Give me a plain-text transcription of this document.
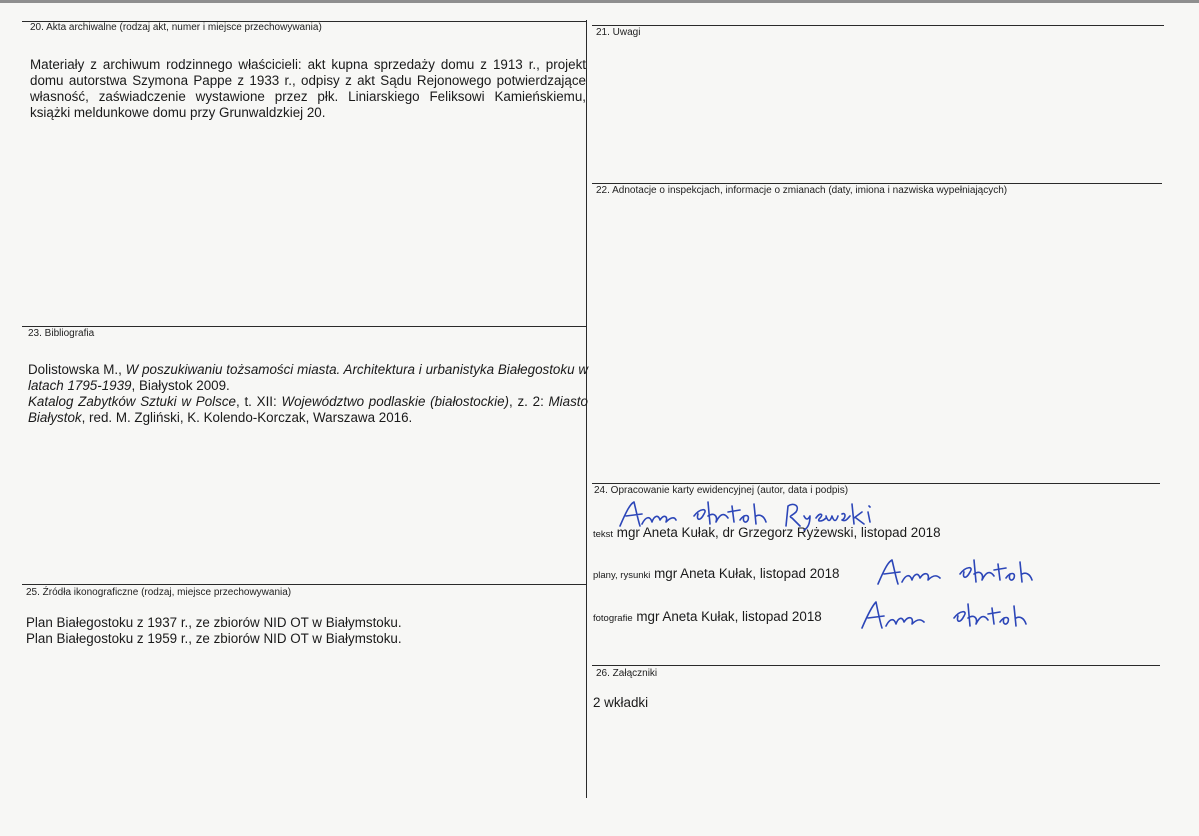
20. Akta archiwalne (rodzaj akt, numer i miejsce przechowywania)
Materiały z archiwum rodzinnego właścicieli: akt kupna sprzedaży domu z 1913 r., projekt domu autorstwa Szymona Pappe z 1933 r., odpisy z akt Sądu Rejonowego potwierdzające własność, zaświadczenie wystawione przez płk. Liniarskiego Feliksowi Kamieńskiemu, książki meldunkowe domu przy Grunwaldzkiej 20.
21. Uwagi
22. Adnotacje o inspekcjach, informacje o zmianach (daty, imiona i nazwiska wypełniających)
23. Bibliografia
Dolistowska M., W poszukiwaniu tożsamości miasta. Architektura i urbanistyka Białegostoku w latach 1795-1939, Białystok 2009.
Katalog Zabytków Sztuki w Polsce, t. XII: Województwo podlaskie (białostockie), z. 2: Miasto Białystok, red. M. Zgliński, K. Kolendo-Korczak, Warszawa 2016.
24. Opracowanie karty ewidencyjnej (autor, data i podpis)
tekst mgr Aneta Kułak, dr Grzegorz Ryżewski, listopad 2018
plany, rysunki mgr Aneta Kułak, listopad 2018
fotografie mgr Aneta Kułak, listopad 2018
25. Źródła ikonograficzne (rodzaj, miejsce przechowywania)
Plan Białegostoku z 1937 r., ze zbiorów NID OT w Białymstoku.
Plan Białegostoku z 1959 r., ze zbiorów NID OT w Białymstoku.
26. Załączniki
2 wkładki
